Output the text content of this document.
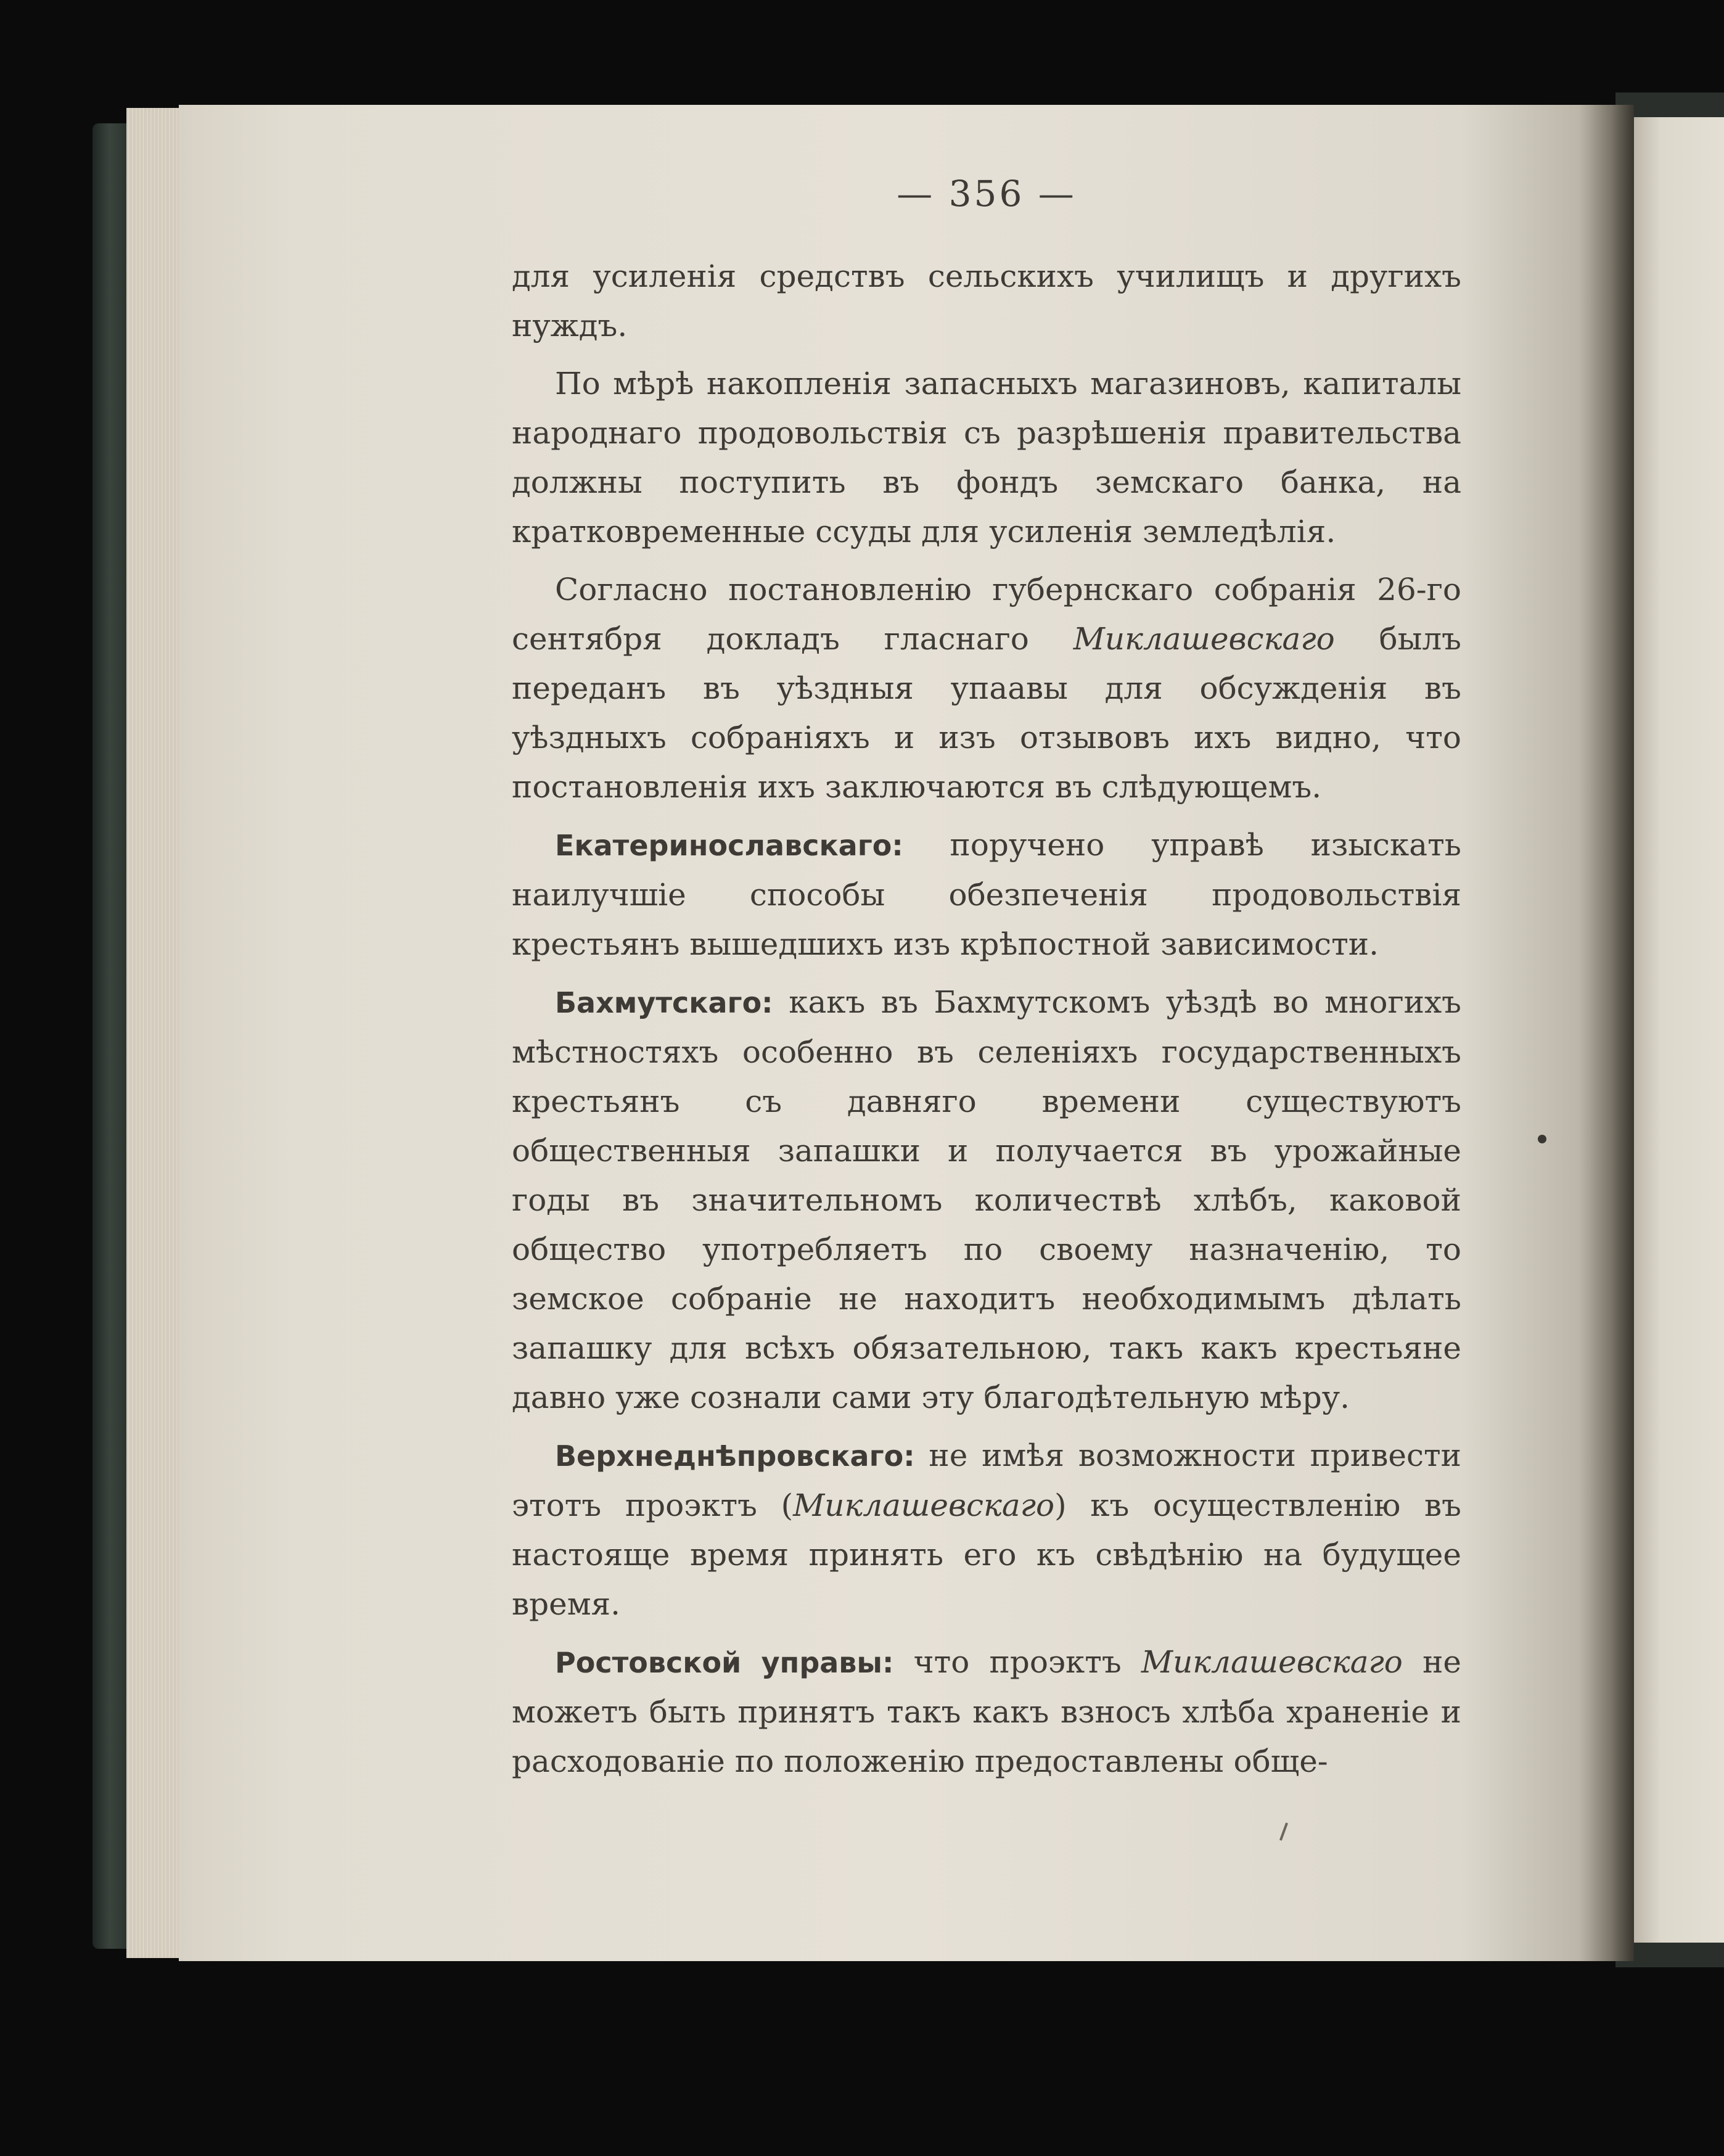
— 356 —

для усиленія средствъ сельскихъ училищъ и другихъ нуждъ.

По мѣрѣ накопленія запасныхъ магазиновъ, капиталы народнаго продовольствія съ разрѣшенія правительства должны поступить въ фондъ земскаго банка, на кратковременные ссуды для усиленія земледѣлія.

Согласно постановленію губернскаго собранія 26-го сентября докладъ гласнаго Миклашевскаго былъ переданъ въ уѣздныя упаавы для обсужденія въ уѣздныхъ собраніяхъ и изъ отзывовъ ихъ видно, что постановленія ихъ заключаются въ слѣдующемъ.

Екатеринославскаго: поручено управѣ изыскать наилучшіе способы обезпеченія продовольствія крестьянъ вышедшихъ изъ крѣпостной зависимости.

Бахмутскаго: какъ въ Бахмутскомъ уѣздѣ во многихъ мѣстностяхъ особенно въ селеніяхъ государственныхъ крестьянъ съ давняго времени существуютъ общественныя запашки и получается въ урожайные годы въ значительномъ количествѣ хлѣбъ, каковой общество употребляетъ по своему назначенію, то земское собраніе не находитъ необходимымъ дѣлать запашку для всѣхъ обязательною, такъ какъ крестьяне давно уже сознали сами эту благодѣтельную мѣру.

Верхнеднѣпровскаго: не имѣя возможности привести этотъ проэктъ (Миклашевскаго) къ осуществленію въ настояще время принять его къ свѣдѣнію на будущее время.

Ростовской управы: что проэктъ Миклашевскаго не можетъ быть принятъ такъ какъ взносъ хлѣба храненіе и расходованіе по положенію предоставлены обще-
